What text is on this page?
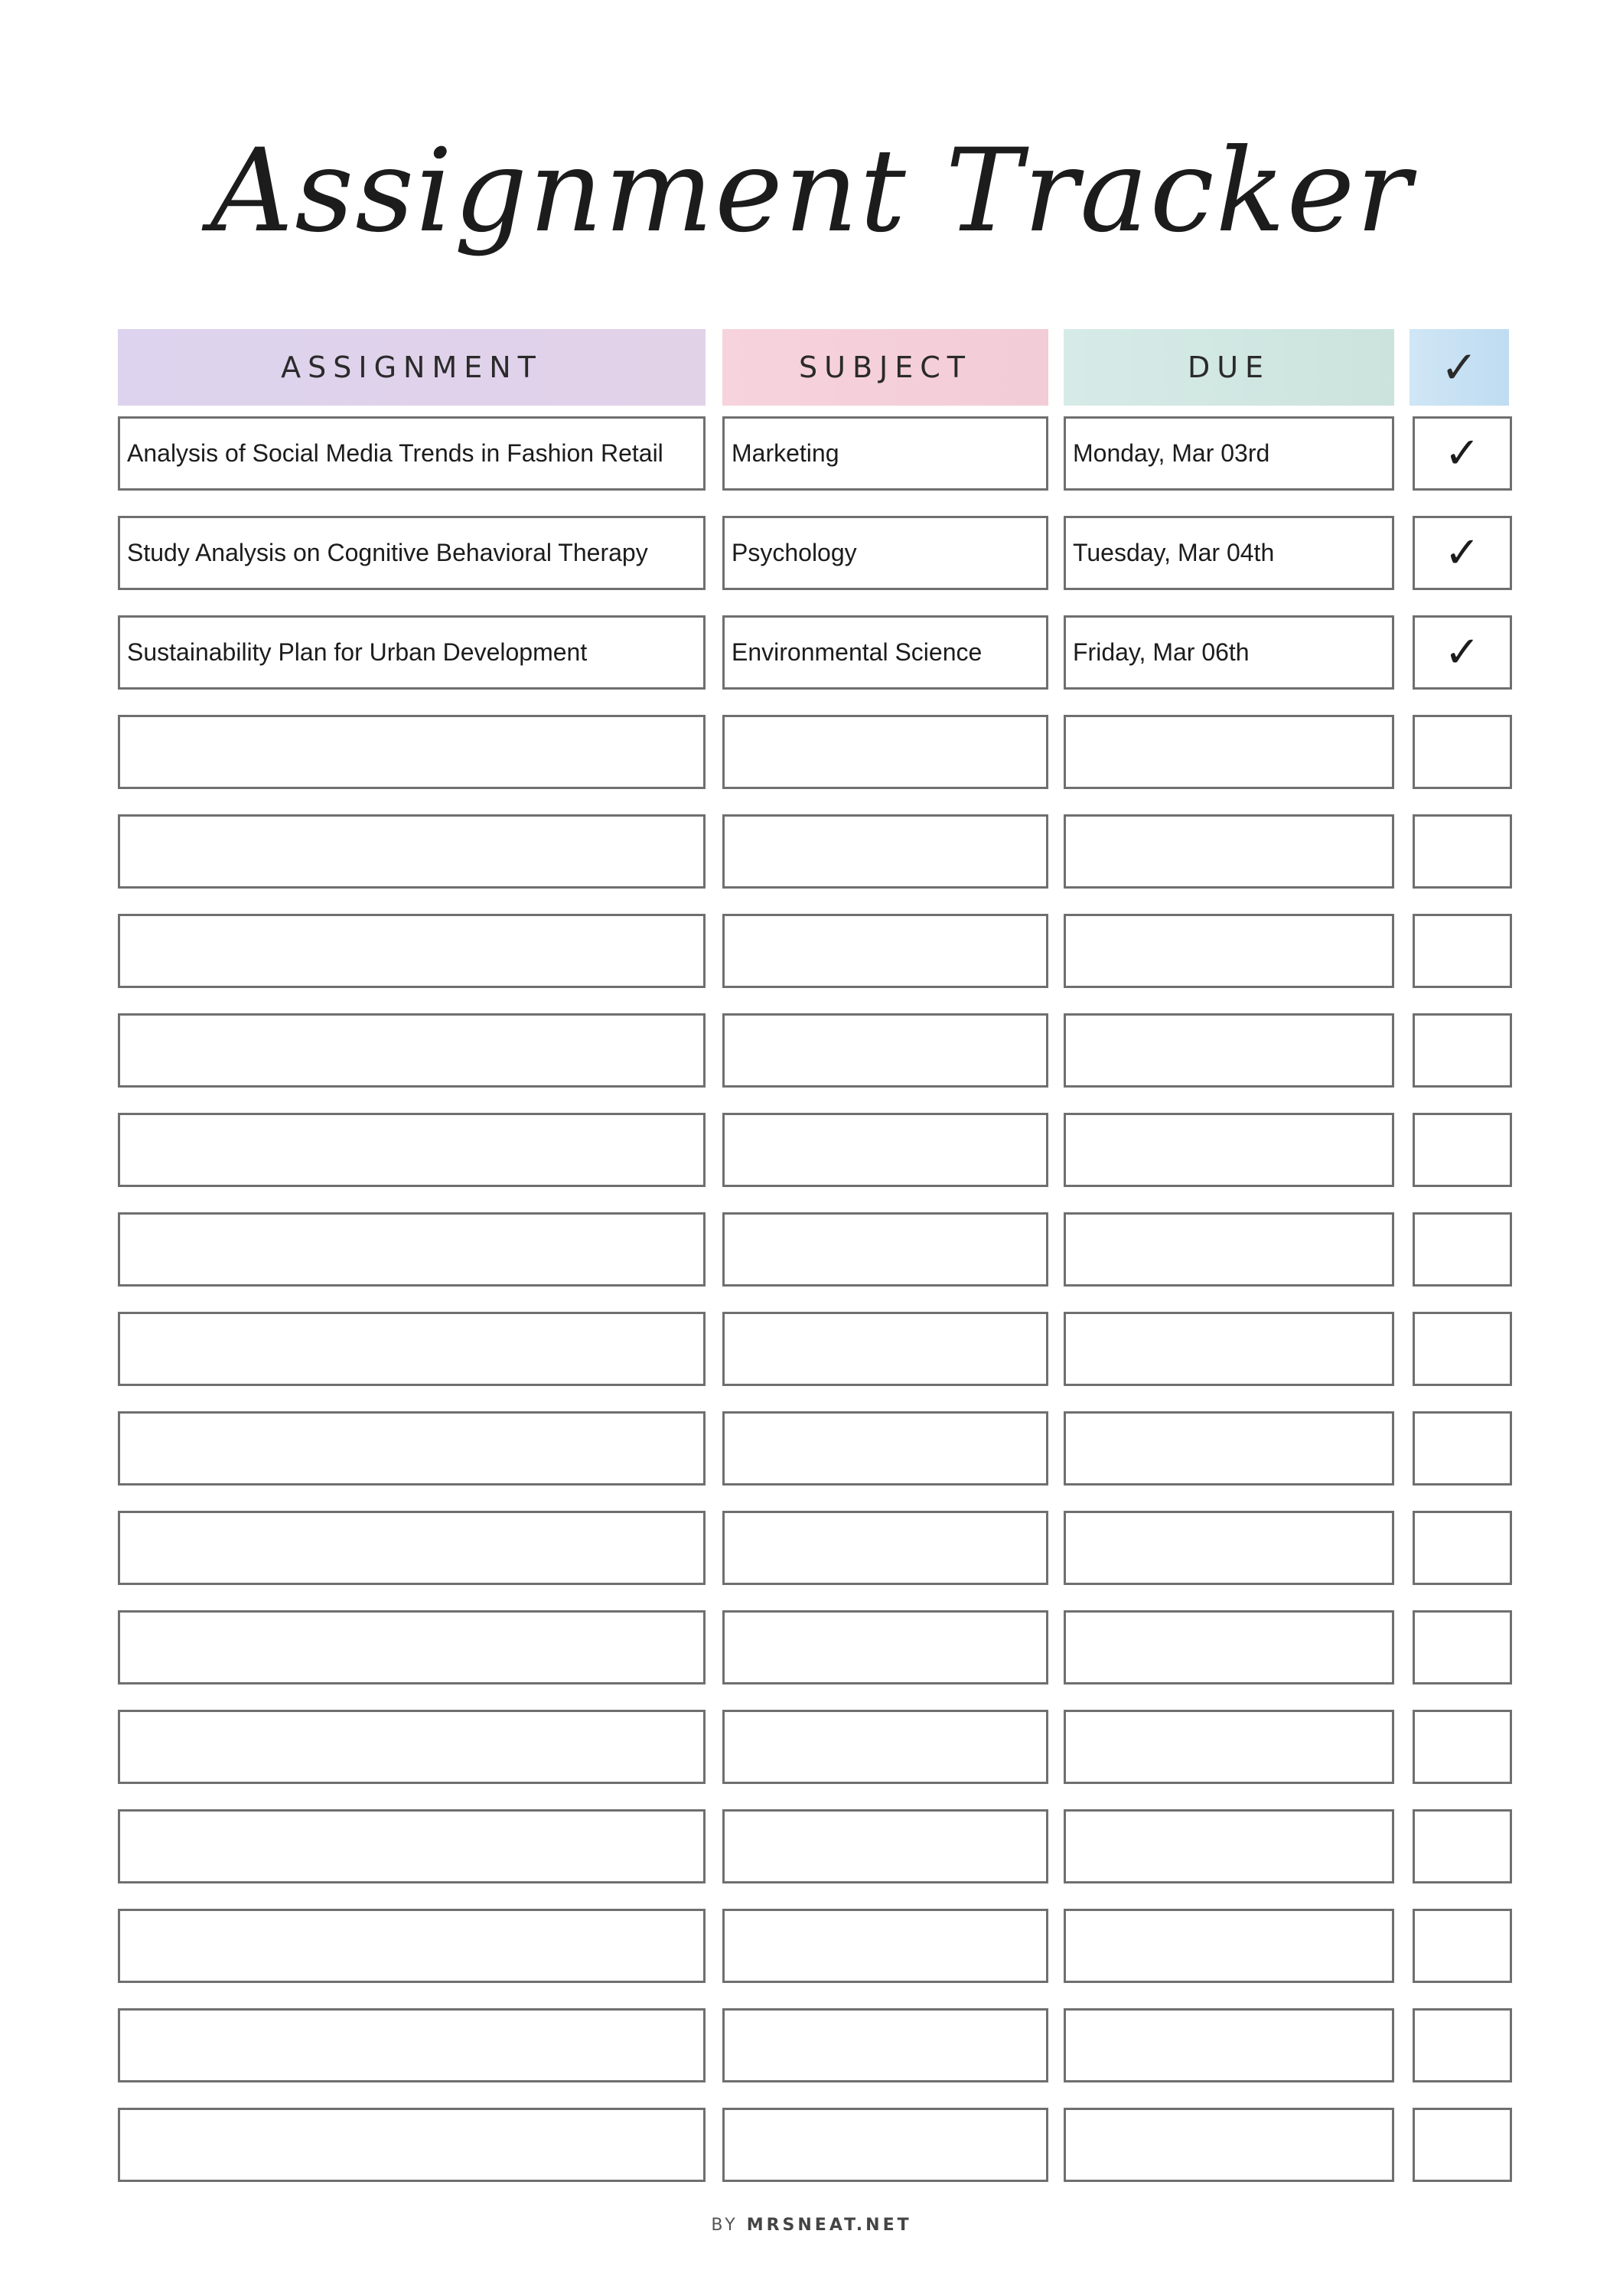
Assignment Tracker
ASSIGNMENT	SUBJECT	DUE	✓
Analysis of Social Media Trends in Fashion Retail	Marketing	Monday, Mar 03rd	✓
Study Analysis on Cognitive Behavioral Therapy	Psychology	Tuesday, Mar 04th	✓
Sustainability Plan for Urban Development	Environmental Science	Friday, Mar 06th	✓
BY MRSNEAT.NET
